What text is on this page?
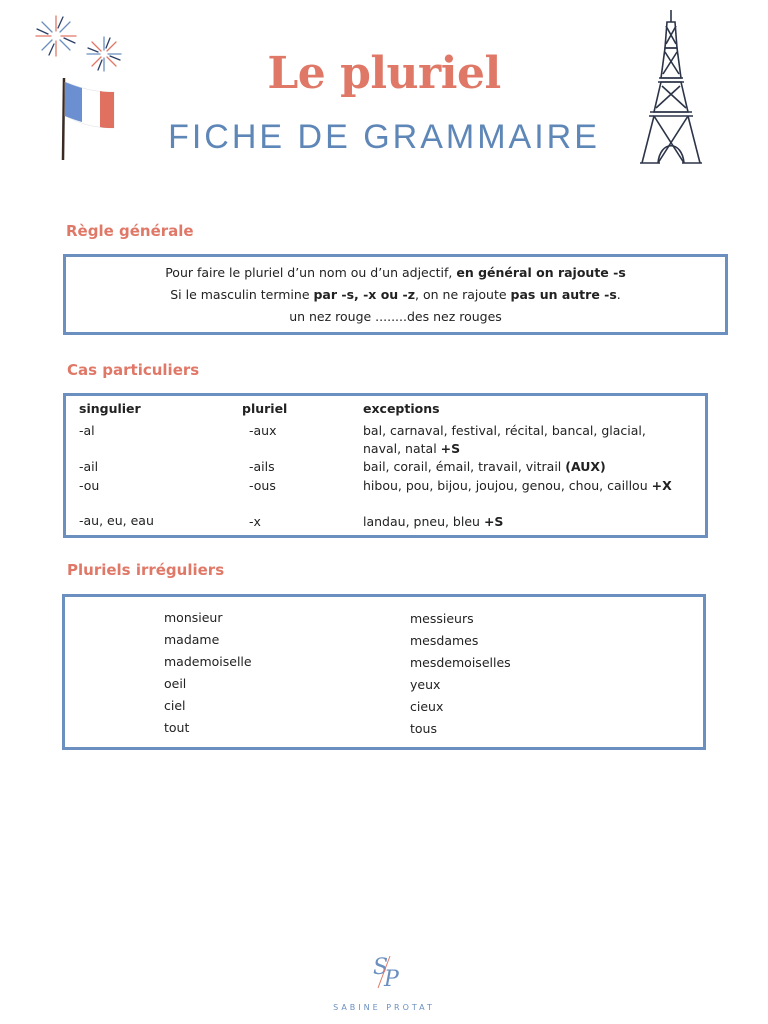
Le pluriel
FICHE DE GRAMMAIRE
Règle générale
Pour faire le pluriel d’un nom ou d’un adjectif, en général on rajoute -s
Si le masculin termine par -s, -x ou -z, on ne rajoute pas un autre -s.
un nez rouge ........des nez rouges
Cas particuliers
singulier	pluriel	exceptions
-al	-aux	bal, carnaval, festival, récital, bancal, glacial,
naval, natal +S
-ail	-ails	bail, corail, émail, travail, vitrail (AUX)
-ou	-ous	hibou, pou, bijou, joujou, genou, chou, caillou +X
-au, eu, eau	-x	landau, pneu, bleu +S
Pluriels irréguliers
monsieur	messieurs
madame	mesdames
mademoiselle	mesdemoiselles
oeil	yeux
ciel	cieux
tout	tous
S
P
SABINE PROTAT
